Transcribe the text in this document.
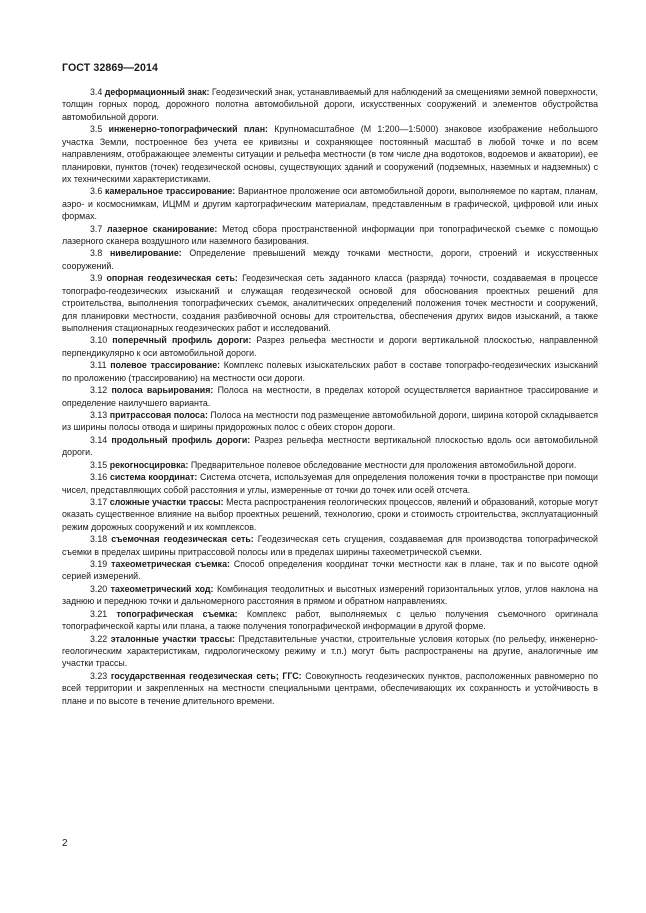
ГОСТ 32869—2014

3.4 деформационный знак: Геодезический знак, устанавливаемый для наблюдений за смещениями земной поверхности, толщин горных пород, дорожного полотна автомобильной дороги, искусственных сооружений и элементов обустройства автомобильной дороги.

3.5 инженерно-топографический план: Крупномасштабное (М 1:200—1:5000) знаковое изображение небольшого участка Земли, построенное без учета ее кривизны и сохраняющее постоянный масштаб в любой точке и по всем направлениям, отображающее элементы ситуации и рельефа местности (в том числе дна водотоков, водоемов и акватории), ее планировки, пунктов (точек) геодезической основы, существующих зданий и сооружений (подземных, наземных и надземных) с их техническими характеристиками.

3.6 камеральное трассирование: Вариантное проложение оси автомобильной дороги, выполняемое по картам, планам, аэро- и космоснимкам, ИЦММ и другим картографическим материалам, представленным в графической, цифровой или иных формах.

3.7 лазерное сканирование: Метод сбора пространственной информации при топографической съемке с помощью лазерного сканера воздушного или наземного базирования.

3.8 нивелирование: Определение превышений между точками местности, дороги, строений и искусственных сооружений.

3.9 опорная геодезическая сеть: Геодезическая сеть заданного класса (разряда) точности, создаваемая в процессе топографо-геодезических изысканий и служащая геодезической основой для обоснования проектных решений для строительства, выполнения топографических съемок, аналитических определений положения точек местности и сооружений, для планировки местности, создания разбивочной основы для строительства, обеспечения других видов изысканий, а также выполнения стационарных геодезических работ и исследований.

3.10 поперечный профиль дороги: Разрез рельефа местности и дороги вертикальной плоскостью, направленной перпендикулярно к оси автомобильной дороги.

3.11 полевое трассирование: Комплекс полевых изыскательских работ в составе топографо-геодезических изысканий по проложению (трассированию) на местности оси дороги.

3.12 полоса варьирования: Полоса на местности, в пределах которой осуществляется вариантное трассирование и определение наилучшего варианта.

3.13 притрассовая полоса: Полоса на местности под размещение автомобильной дороги, ширина которой складывается из ширины полосы отвода и ширины придорожных полос с обеих сторон дороги.

3.14 продольный профиль дороги: Разрез рельефа местности вертикальной плоскостью вдоль оси автомобильной дороги.

3.15 рекогносцировка: Предварительное полевое обследование местности для проложения автомобильной дороги.

3.16 система координат: Система отсчета, используемая для определения положения точки в пространстве при помощи чисел, представляющих собой расстояния и углы, измеренные от точки до точек или осей отсчета.

3.17 сложные участки трассы: Места распространения геологических процессов, явлений и образований, которые могут оказать существенное влияние на выбор проектных решений, технологию, сроки и стоимость строительства, эксплуатационный режим дорожных сооружений и их комплексов.

3.18 съемочная геодезическая сеть: Геодезическая сеть сгущения, создаваемая для производства топографической съемки в пределах ширины притрассовой полосы или в пределах ширины тахеометрической съемки.

3.19 тахеометрическая съемка: Способ определения координат точки местности как в плане, так и по высоте одной серией измерений.

3.20 тахеометрический ход: Комбинация теодолитных и высотных измерений горизонтальных углов, углов наклона на заднюю и переднюю точки и дальномерного расстояния в прямом и обратном направлениях.

3.21 топографическая съемка: Комплекс работ, выполняемых с целью получения съемочного оригинала топографической карты или плана, а также получения топографической информации в другой форме.

3.22 эталонные участки трассы: Представительные участки, строительные условия которых (по рельефу, инженерно-геологическим характеристикам, гидрологическому режиму и т.п.) могут быть распространены на другие, аналогичные им участки трассы.

3.23 государственная геодезическая сеть; ГГС: Совокупность геодезических пунктов, расположенных равномерно по всей территории и закрепленных на местности специальными центрами, обеспечивающих их сохранность и устойчивость в плане и по высоте в течение длительного времени.

2
